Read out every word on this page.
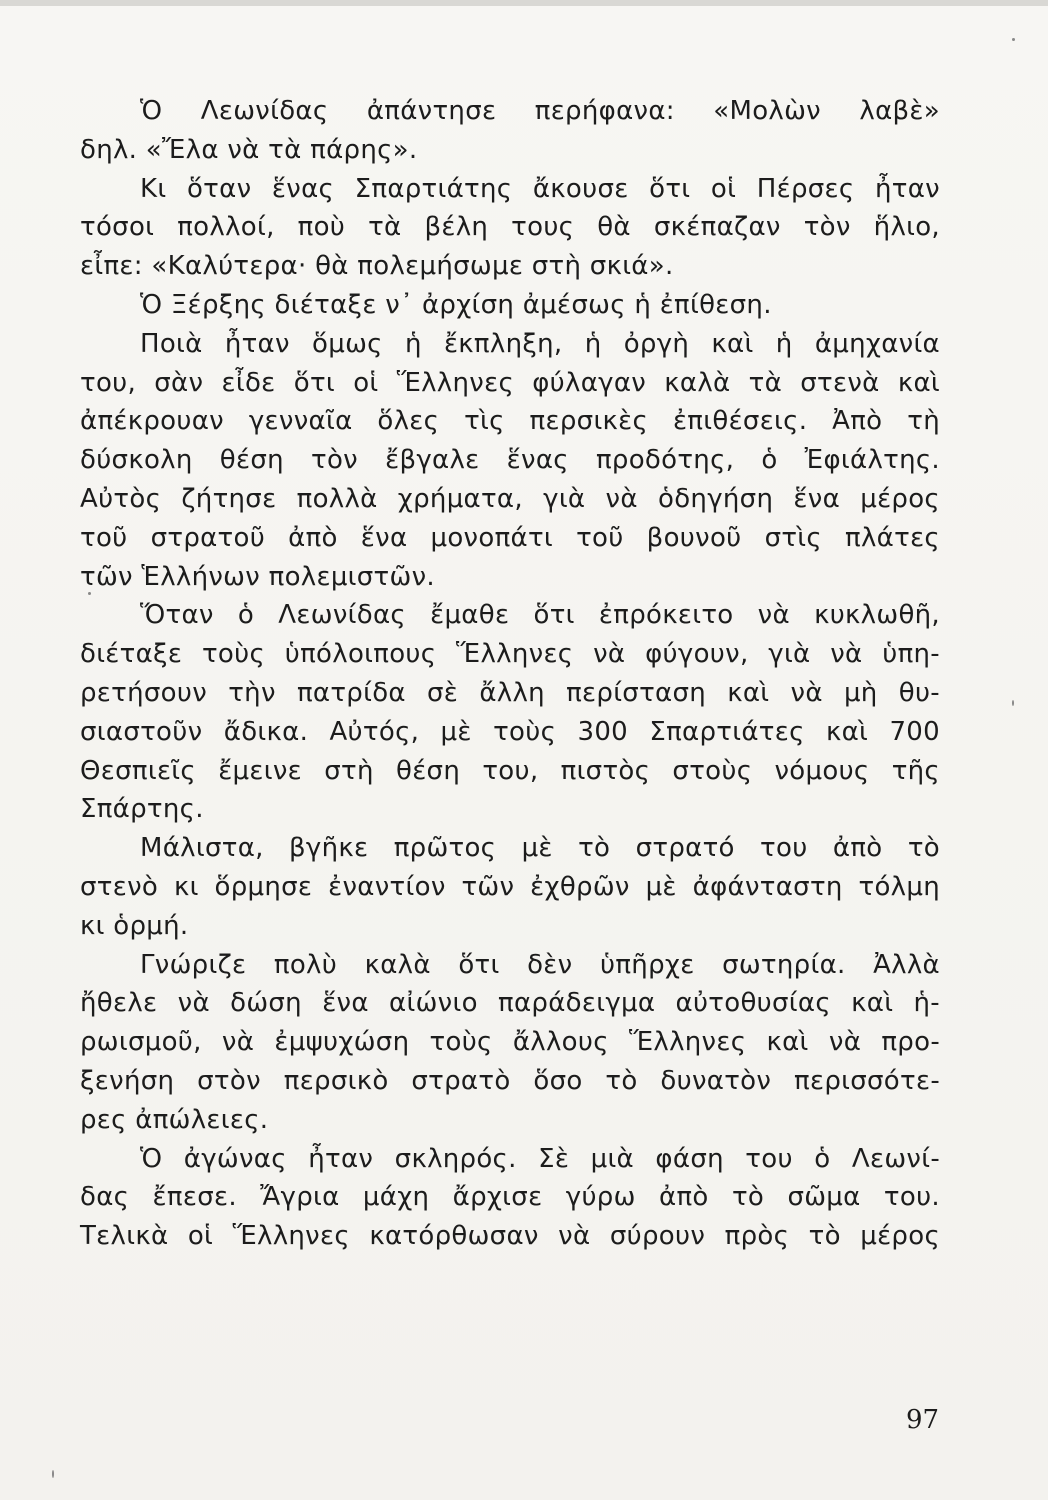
Ὁ Λεωνίδας ἀπάντησε περήφανα: «Μολὼν λαβὲ»
δηλ. «Ἔλα νὰ τὰ πάρης».
Κι ὅταν ἕνας Σπαρτιάτης ἄκουσε ὅτι οἱ Πέρσες ἦταν
τόσοι πολλοί, ποὺ τὰ βέλη τους θὰ σκέπαζαν τὸν ἥλιο,
εἶπε: «Καλύτερα· θὰ πολεμήσωμε στὴ σκιά».
Ὁ Ξέρξης διέταξε ν᾿ ἀρχίση ἀμέσως ἡ ἐπίθεση.
Ποιὰ ἦταν ὅμως ἡ ἔκπληξη, ἡ ὀργὴ καὶ ἡ ἀμηχανία
του, σὰν εἶδε ὅτι οἱ Ἕλληνες φύλαγαν καλὰ τὰ στενὰ καὶ
ἀπέκρουαν γενναῖα ὅλες τὶς περσικὲς ἐπιθέσεις. Ἀπὸ τὴ
δύσκολη θέση τὸν ἔβγαλε ἕνας προδότης, ὁ Ἐφιάλτης.
Αὐτὸς ζήτησε πολλὰ χρήματα, γιὰ νὰ ὁδηγήση ἕνα μέρος
τοῦ στρατοῦ ἀπὸ ἕνα μονοπάτι τοῦ βουνοῦ στὶς πλάτες
τῶν Ἑλλήνων πολεμιστῶν.
Ὅταν ὁ Λεωνίδας ἔμαθε ὅτι ἐπρόκειτο νὰ κυκλωθῆ,
διέταξε τοὺς ὑπόλοιπους Ἕλληνες νὰ φύγουν, γιὰ νὰ ὑπη-
ρετήσουν τὴν πατρίδα σὲ ἄλλη περίσταση καὶ νὰ μὴ θυ-
σιαστοῦν ἄδικα. Αὐτός, μὲ τοὺς 300 Σπαρτιάτες καὶ 700
Θεσπιεῖς ἔμεινε στὴ θέση του, πιστὸς στοὺς νόμους τῆς
Σπάρτης.
Μάλιστα, βγῆκε πρῶτος μὲ τὸ στρατό του ἀπὸ τὸ
στενὸ κι ὅρμησε ἐναντίον τῶν ἐχθρῶν μὲ ἀφάνταστη τόλμη
κι ὁρμή.
Γνώριζε πολὺ καλὰ ὅτι δὲν ὑπῆρχε σωτηρία. Ἀλλὰ
ἤθελε νὰ δώση ἕνα αἰώνιο παράδειγμα αὐτοθυσίας καὶ ἡ-
ρωισμοῦ, νὰ ἐμψυχώση τοὺς ἄλλους Ἕλληνες καὶ νὰ προ-
ξενήση στὸν περσικὸ στρατὸ ὅσο τὸ δυνατὸν περισσότε-
ρες ἀπώλειες.
Ὁ ἀγώνας ἦταν σκληρός. Σὲ μιὰ φάση του ὁ Λεωνί-
δας ἔπεσε. Ἄγρια μάχη ἄρχισε γύρω ἀπὸ τὸ σῶμα του.
Τελικὰ οἱ Ἕλληνες κατόρθωσαν νὰ σύρουν πρὸς τὸ μέρος
97
